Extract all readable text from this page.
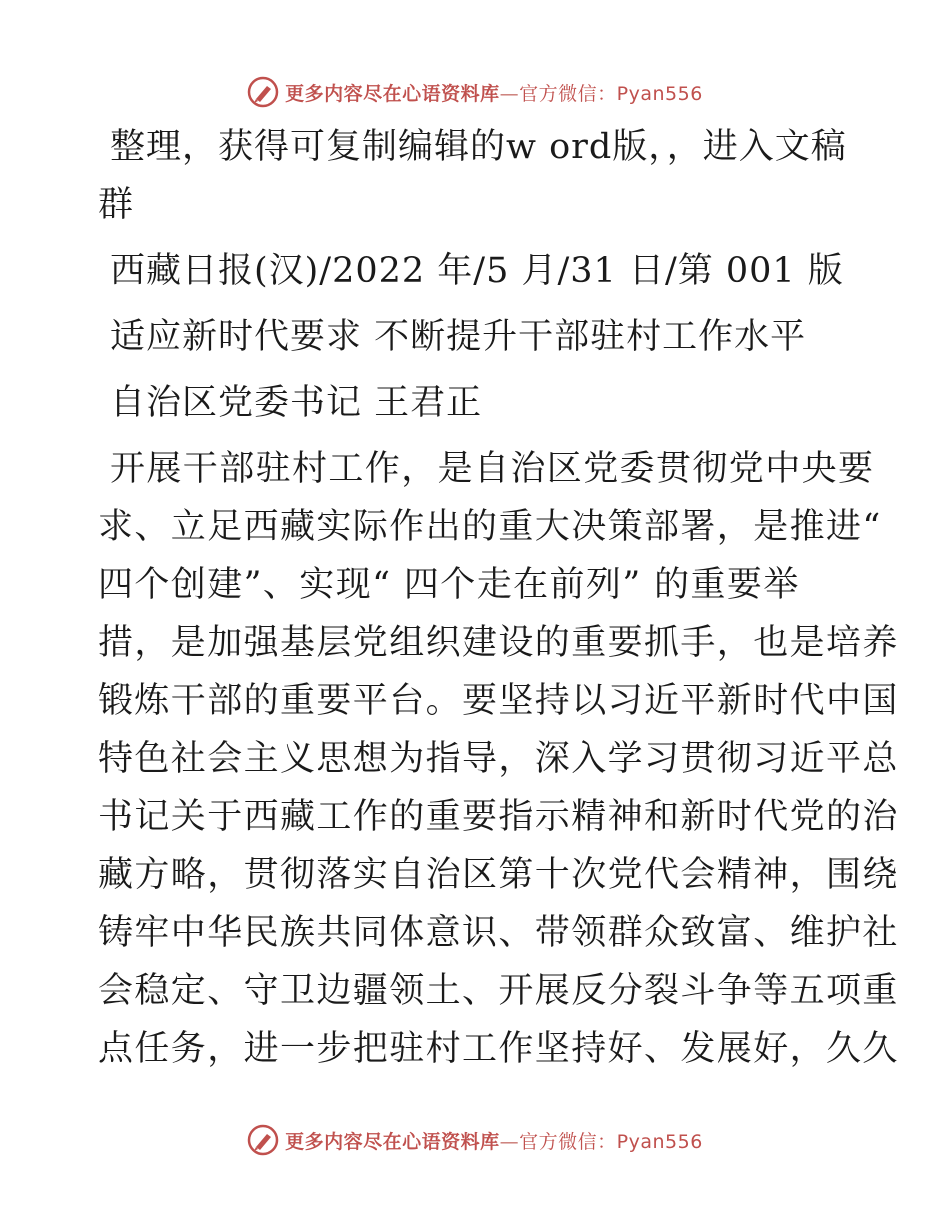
更多内容尽在心语资料库—官方微信：Pyan556
整理，获得可复制编辑的w ord版，，进入文稿
群
西藏日报(汉)/2022 年/5 月/31 日/第 001 版
适应新时代要求 不断提升干部驻村工作水平
自治区党委书记 王君正
开展干部驻村工作，是自治区党委贯彻党中央要
求、立足西藏实际作出的重大决策部署，是推进“
四个创建”、实现“ 四个走在前列” 的重要举
措，是加强基层党组织建设的重要抓手，也是培养
锻炼干部的重要平台。要坚持以习近平新时代中国
特色社会主义思想为指导，深入学习贯彻习近平总
书记关于西藏工作的重要指示精神和新时代党的治
藏方略，贯彻落实自治区第十次党代会精神，围绕
铸牢中华民族共同体意识、带领群众致富、维护社
会稳定、守卫边疆领土、开展反分裂斗争等五项重
点任务，进一步把驻村工作坚持好、发展好，久久
更多内容尽在心语资料库—官方微信：Pyan556
